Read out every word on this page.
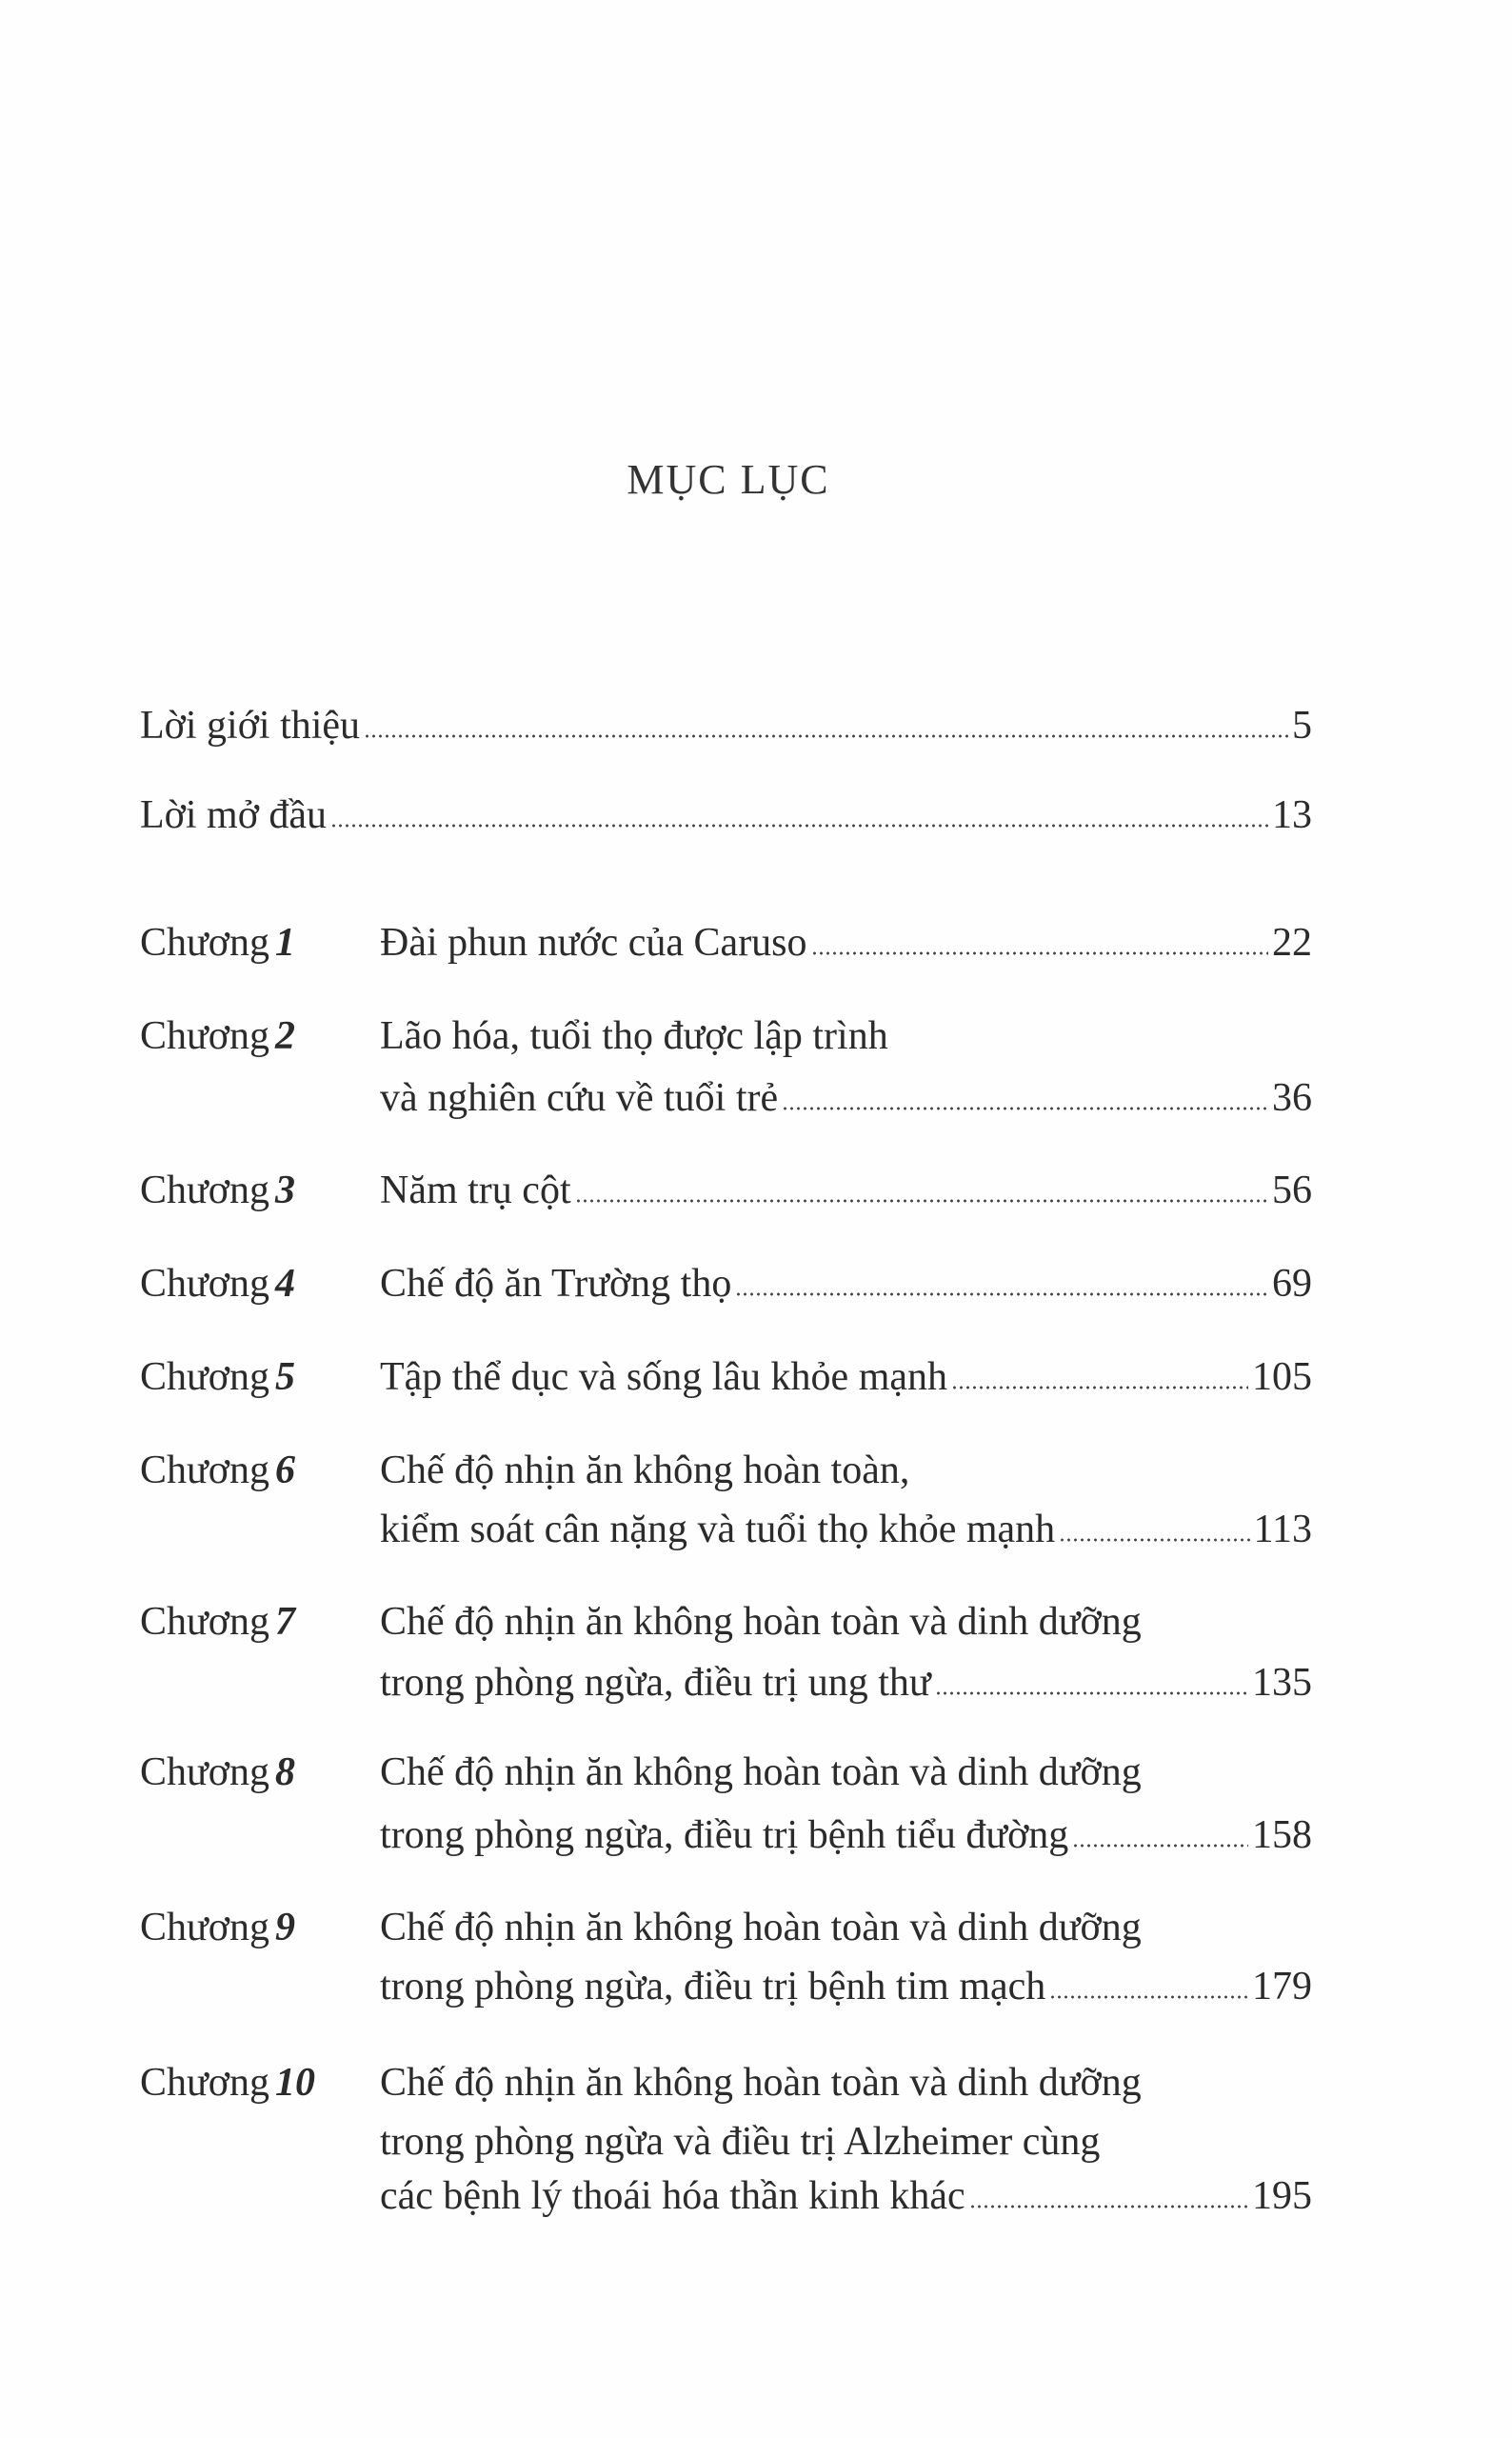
MỤC LỤC
Lời giới thiệu	5
Lời mở đầu	13
Chương 1 Đài phun nước của Caruso	22
Chương 2 Lão hóa, tuổi thọ được lập trình
và nghiên cứu về tuổi trẻ	36
Chương 3 Năm trụ cột	56
Chương 4 Chế độ ăn Trường thọ	69
Chương 5 Tập thể dục và sống lâu khỏe mạnh	105
Chương 6 Chế độ nhịn ăn không hoàn toàn,
kiểm soát cân nặng và tuổi thọ khỏe mạnh	113
Chương 7 Chế độ nhịn ăn không hoàn toàn và dinh dưỡng
trong phòng ngừa, điều trị ung thư	135
Chương 8 Chế độ nhịn ăn không hoàn toàn và dinh dưỡng
trong phòng ngừa, điều trị bệnh tiểu đường	158
Chương 9 Chế độ nhịn ăn không hoàn toàn và dinh dưỡng
trong phòng ngừa, điều trị bệnh tim mạch	179
Chương 10 Chế độ nhịn ăn không hoàn toàn và dinh dưỡng
trong phòng ngừa và điều trị Alzheimer cùng
các bệnh lý thoái hóa thần kinh khác	195
